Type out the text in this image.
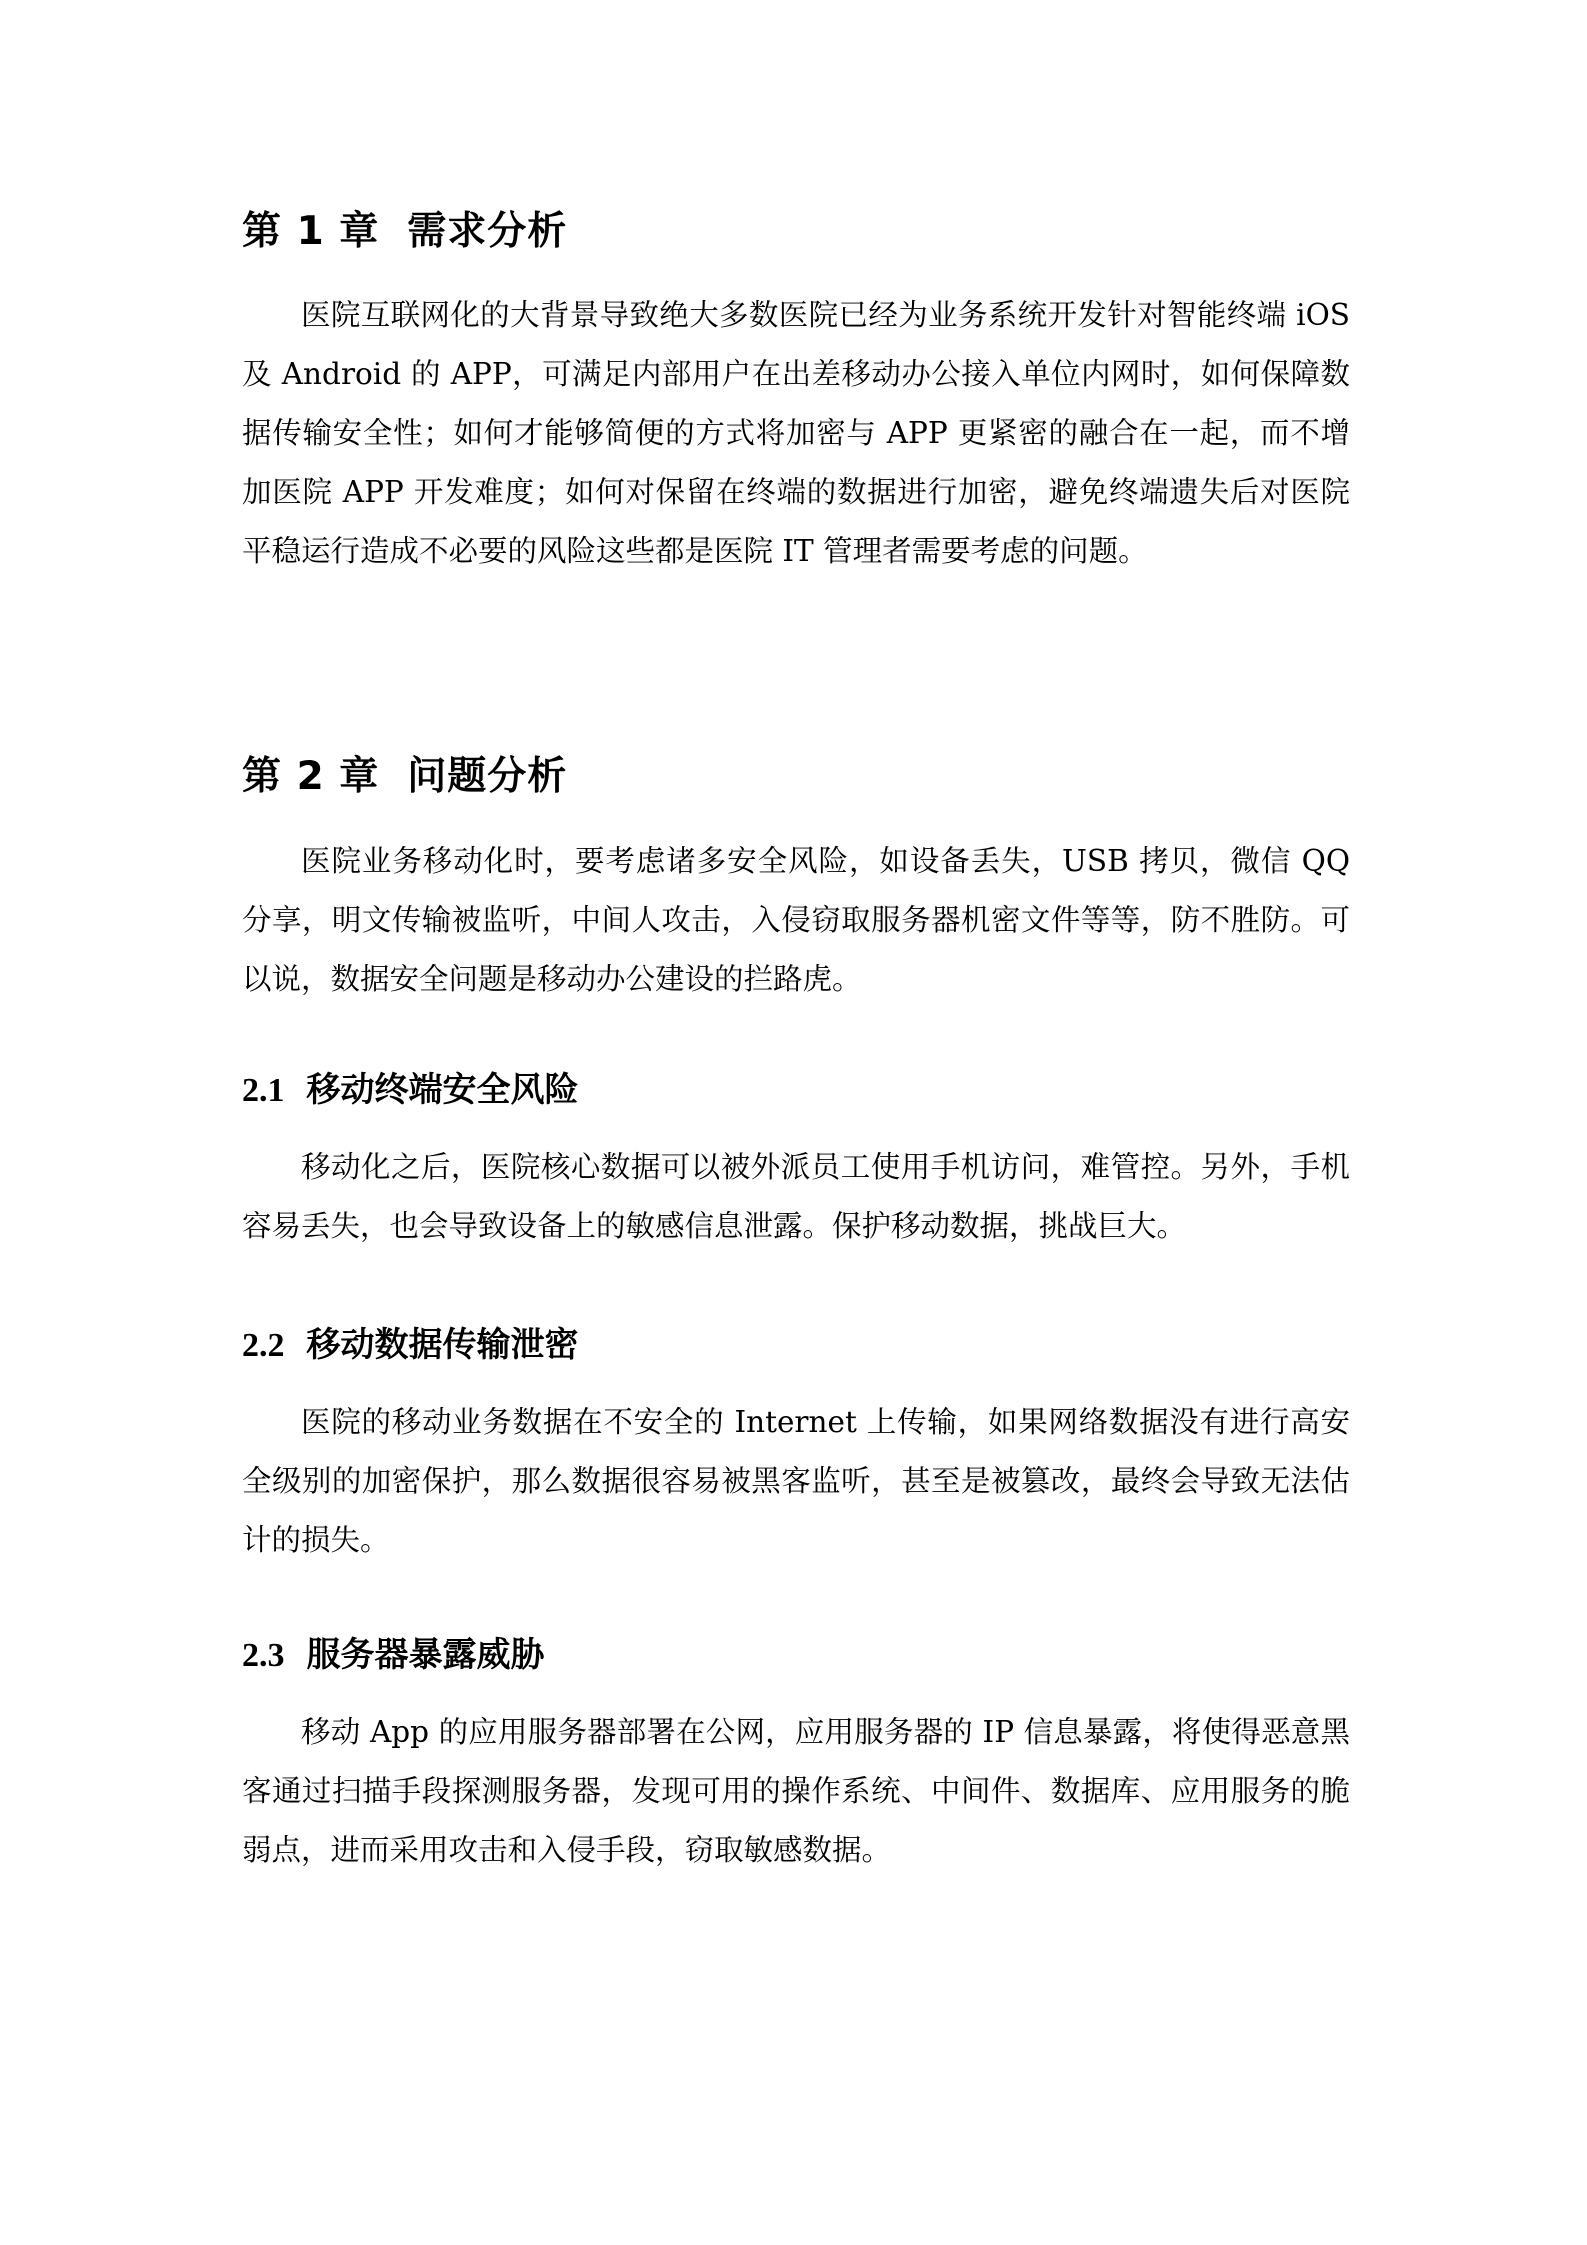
第 1 章 需求分析

医院互联网化的大背景导致绝大多数医院已经为业务系统开发针对智能终端 iOS 及 Android 的 APP，可满足内部用户在出差移动办公接入单位内网时，如何保障数据传输安全性；如何才能够简便的方式将加密与 APP 更紧密的融合在一起，而不增加医院 APP 开发难度；如何对保留在终端的数据进行加密，避免终端遗失后对医院平稳运行造成不必要的风险这些都是医院 IT 管理者需要考虑的问题。

第 2 章 问题分析

医院业务移动化时，要考虑诸多安全风险，如设备丢失，USB 拷贝，微信 QQ 分享，明文传输被监听，中间人攻击，入侵窃取服务器机密文件等等，防不胜防。可以说，数据安全问题是移动办公建设的拦路虎。

2.1 移动终端安全风险

移动化之后，医院核心数据可以被外派员工使用手机访问，难管控。另外，手机容易丢失，也会导致设备上的敏感信息泄露。保护移动数据，挑战巨大。

2.2 移动数据传输泄密

医院的移动业务数据在不安全的 Internet 上传输，如果网络数据没有进行高安全级别的加密保护，那么数据很容易被黑客监听，甚至是被篡改，最终会导致无法估计的损失。

2.3 服务器暴露威胁

移动 App 的应用服务器部署在公网，应用服务器的 IP 信息暴露，将使得恶意黑客通过扫描手段探测服务器，发现可用的操作系统、中间件、数据库、应用服务的脆弱点，进而采用攻击和入侵手段，窃取敏感数据。
